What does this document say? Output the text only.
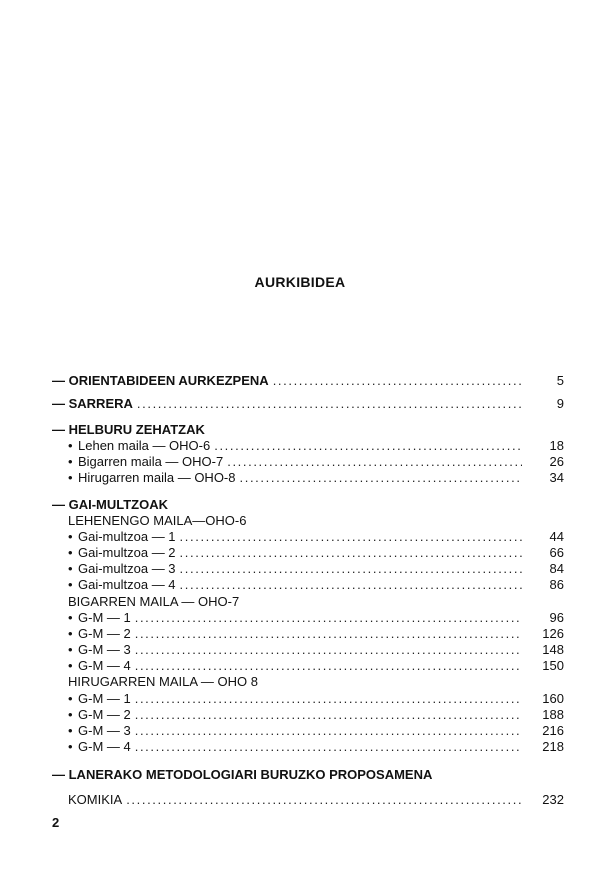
AURKIBIDEA
— ORIENTABIDEEN AURKEZPENA . . .	5
— SARRERA . . .	9
— HELBURU ZEHATZAK
• Lehen maila — OHO-6 . . .	18
• Bigarren maila — OHO-7 . . .	26
• Hirugarren maila — OHO-8 . . .	34
— GAI-MULTZOAK
LEHENENGO MAILA—OHO-6
• Gai-multzoa — 1 . . .	44
• Gai-multzoa — 2 . . .	66
• Gai-multzoa — 3 . . .	84
• Gai-multzoa — 4 . . .	86
BIGARREN MAILA — OHO-7
• G-M — 1 . . .	96
• G-M — 2 . . .	126
• G-M — 3 . . .	148
• G-M — 4 . . .	150
HIRUGARREN MAILA — OHO 8
• G-M — 1 . . .	160
• G-M — 2 . . .	188
• G-M — 3 . . .	216
• G-M — 4 . . .	218
— LANERAKO METODOLOGIARI BURUZKO PROPOSAMENA
KOMIKIA . . .	232
2
